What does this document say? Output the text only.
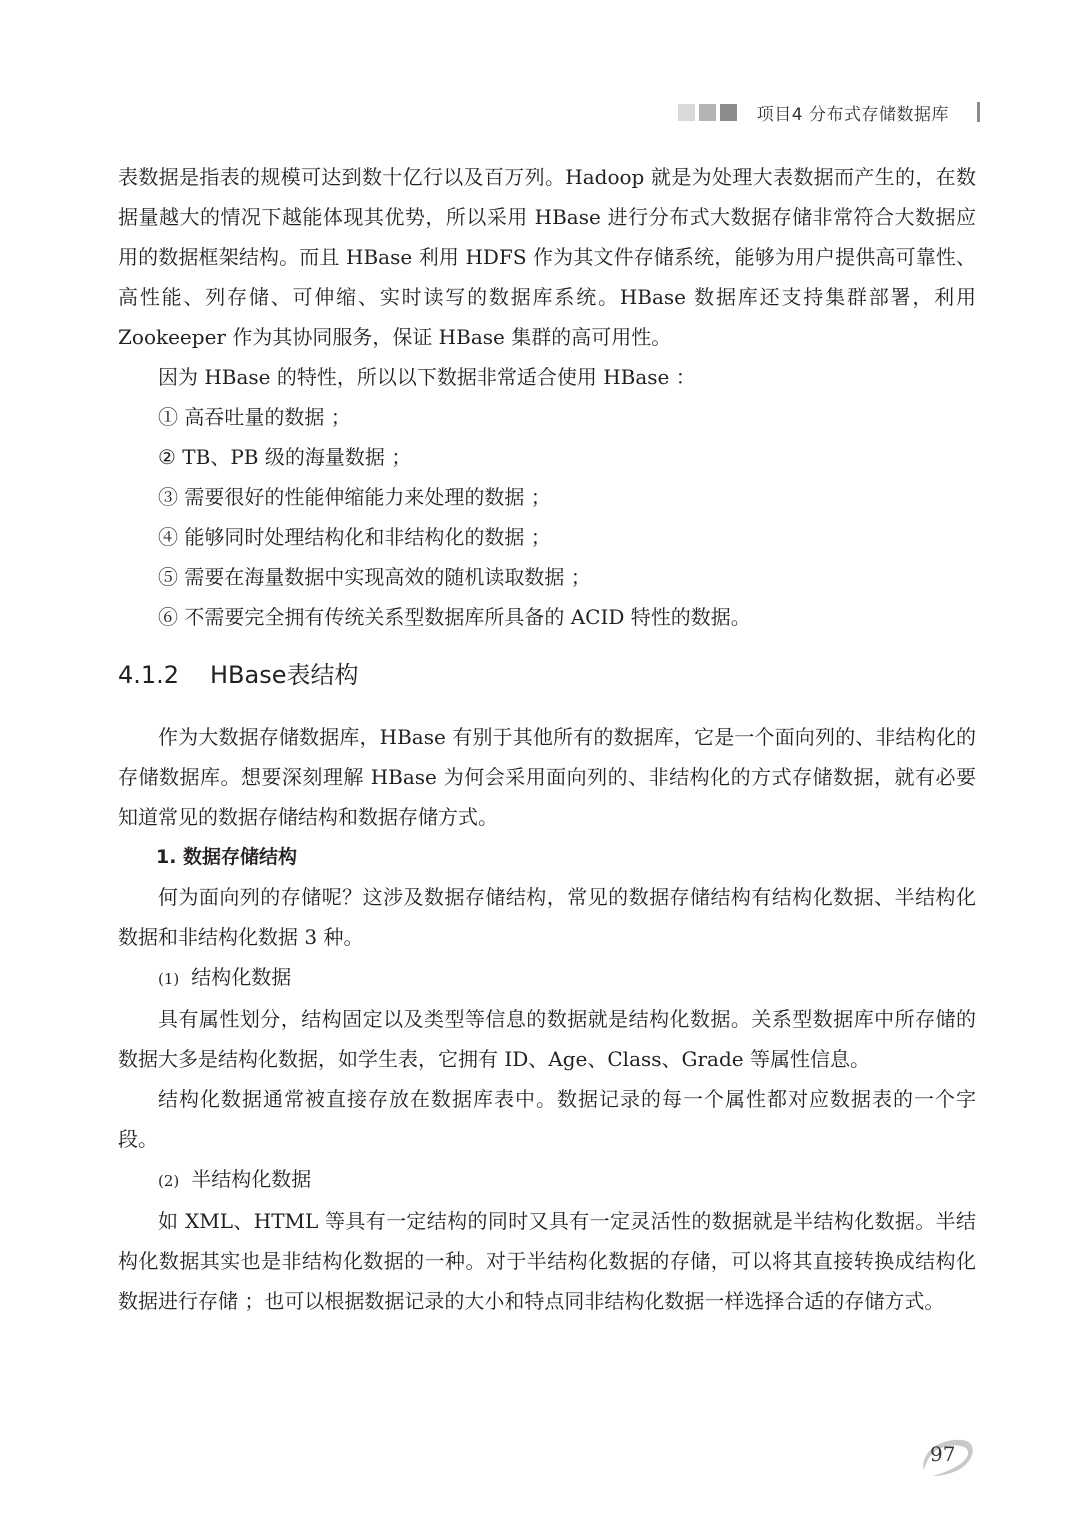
项目4 分布式存储数据库

表数据是指表的规模可达到数十亿行以及百万列。Hadoop 就是为处理大表数据而产生的，在数据量越大的情况下越能体现其优势，所以采用 HBase 进行分布式大数据存储非常符合大数据应用的数据框架结构。而且 HBase 利用 HDFS 作为其文件存储系统，能够为用户提供高可靠性、高性能、列存储、可伸缩、实时读写的数据库系统。HBase 数据库还支持集群部署，利用 Zookeeper 作为其协同服务，保证 HBase 集群的高可用性。

因为 HBase 的特性，所以以下数据非常适合使用 HBase ：

① 高吞吐量的数据 ；
② TB、PB 级的海量数据 ；
③ 需要很好的性能伸缩能力来处理的数据 ；
④ 能够同时处理结构化和非结构化的数据 ；
⑤ 需要在海量数据中实现高效的随机读取数据 ；
⑥ 不需要完全拥有传统关系型数据库所具备的 ACID 特性的数据。
4.1.2 HBase表结构

作为大数据存储数据库，HBase 有别于其他所有的数据库，它是一个面向列的、非结构化的存储数据库。想要深刻理解 HBase 为何会采用面向列的、非结构化的方式存储数据，就有必要知道常见的数据存储结构和数据存储方式。

1. 数据存储结构

何为面向列的存储呢？这涉及数据存储结构，常见的数据存储结构有结构化数据、半结构化数据和非结构化数据 3 种。

(1) 结构化数据

具有属性划分，结构固定以及类型等信息的数据就是结构化数据。关系型数据库中所存储的数据大多是结构化数据，如学生表，它拥有 ID、Age、Class、Grade 等属性信息。

结构化数据通常被直接存放在数据库表中。数据记录的每一个属性都对应数据表的一个字段。

(2) 半结构化数据

如 XML、HTML 等具有一定结构的同时又具有一定灵活性的数据就是半结构化数据。半结构化数据其实也是非结构化数据的一种。对于半结构化数据的存储，可以将其直接转换成结构化数据进行存储 ；也可以根据数据记录的大小和特点同非结构化数据一样选择合适的存储方式。

97
